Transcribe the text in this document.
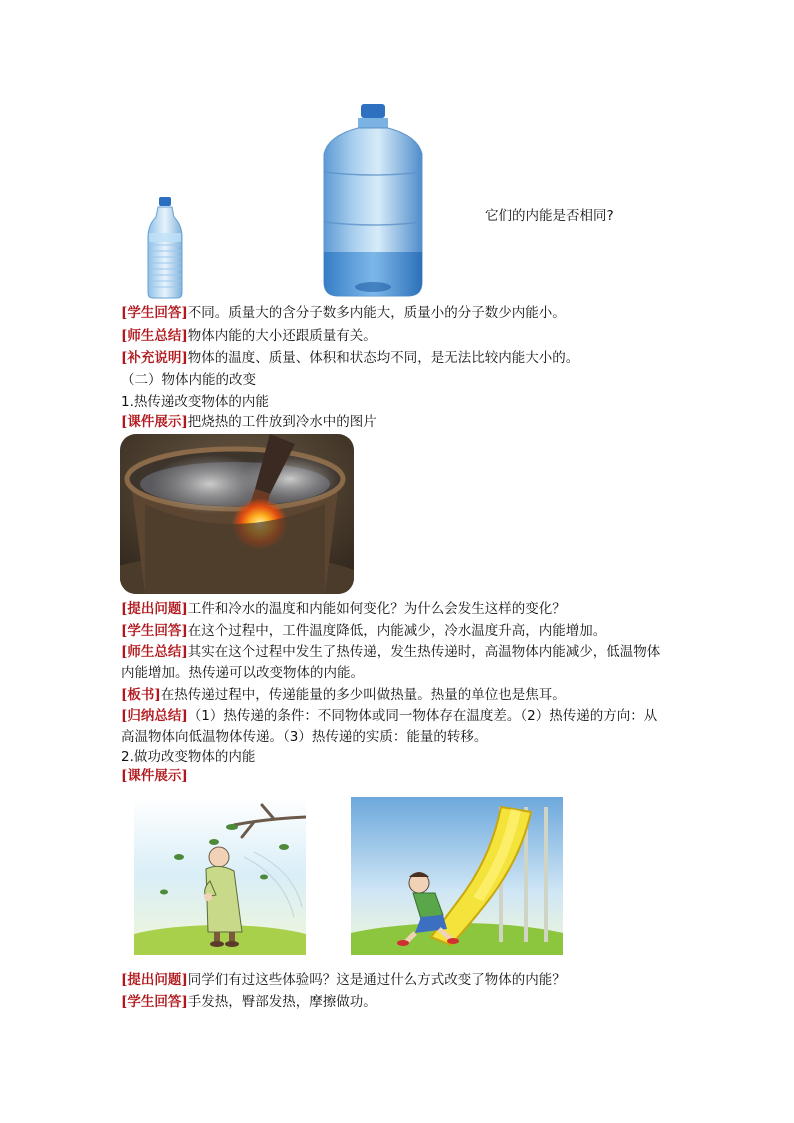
它们的内能是否相同?
[学生回答]不同。质量大的含分子数多内能大，质量小的分子数少内能小。
[师生总结]物体内能的大小还跟质量有关。
[补充说明]物体的温度、质量、体积和状态均不同，是无法比较内能大小的。
（二）物体内能的改变
1.热传递改变物体的内能
[课件展示]把烧热的工件放到冷水中的图片
[提出问题]工件和冷水的温度和内能如何变化？为什么会发生这样的变化？
[学生回答]在这个过程中，工件温度降低，内能减少，冷水温度升高，内能增加。
[师生总结]其实在这个过程中发生了热传递，发生热传递时，高温物体内能减少，低温物体
内能增加。热传递可以改变物体的内能。
[板书]在热传递过程中，传递能量的多少叫做热量。热量的单位也是焦耳。
[归纳总结]（1）热传递的条件：不同物体或同一物体存在温度差。（2）热传递的方向：从
高温物体向低温物体传递。（3）热传递的实质：能量的转移。
2.做功改变物体的内能
[课件展示]
[提出问题]同学们有过这些体验吗？这是通过什么方式改变了物体的内能？
[学生回答]手发热，臀部发热，摩擦做功。
